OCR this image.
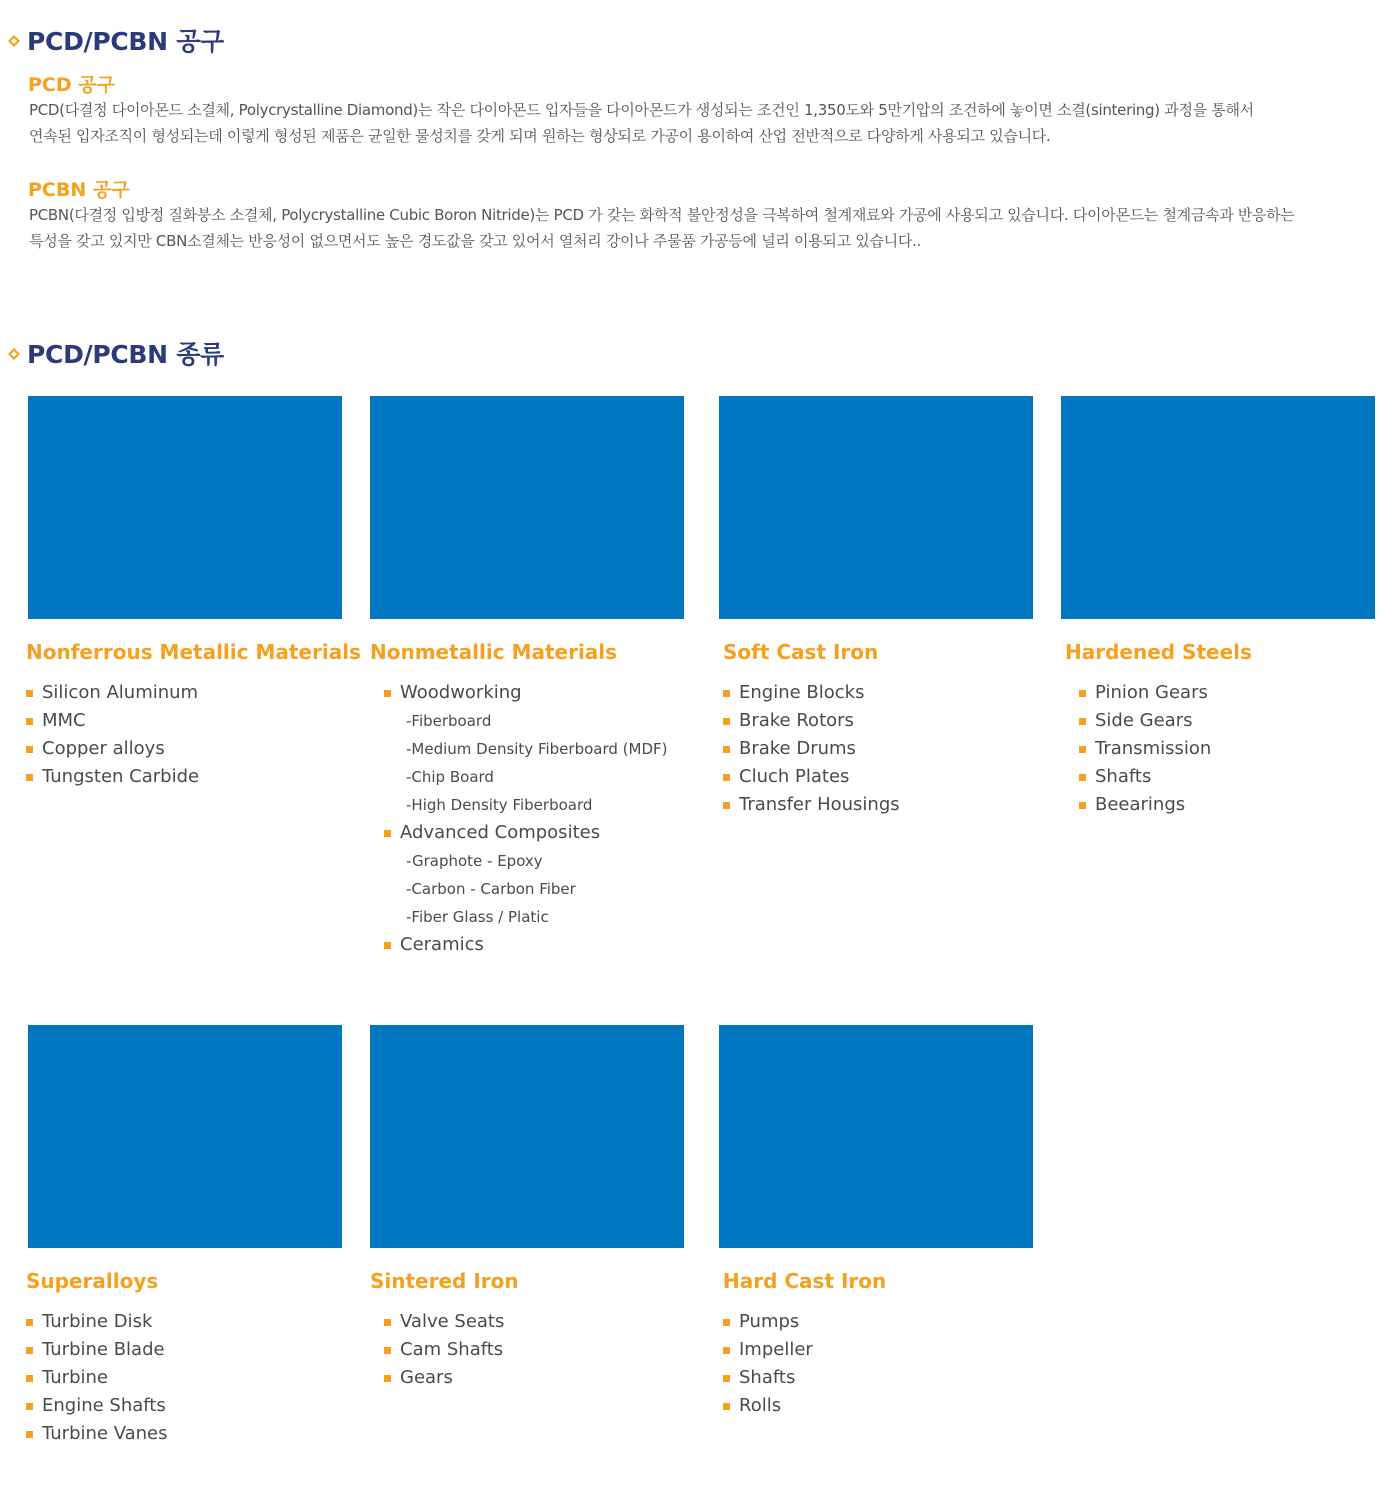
PCD/PCBN 공구
PCD 공구
PCD(다결정 다이아몬드 소결체, Polycrystalline Diamond)는 작은 다이아몬드 입자들을 다이아몬드가 생성되는 조건인 1,350도와 5만기압의 조건하에 놓이면 소결(sintering) 과정을 통해서
연속된 입자조직이 형성되는데 이렇게 형성된 제품은 균일한 물성치를 갖게 되며 원하는 형상되로 가공이 용이하여 산업 전반적으로 다양하게 사용되고 있습니다.
PCBN 공구
PCBN(다결정 입방정 질화붕소 소결체, Polycrystalline Cubic Boron Nitride)는 PCD 가 갖는 화학적 불안정성을 극복하여 철계재료와 가공에 사용되고 있습니다. 다이아몬드는 철계금속과 반응하는
특성을 갖고 있지만 CBN소결체는 반응성이 없으면서도 높은 경도값을 갖고 있어서 열처리 강이나 주물품 가공등에 널리 이용되고 있습니다..
PCD/PCBN 종류
Nonferrous Metallic Materials
Silicon Aluminum
MMC
Copper alloys
Tungsten Carbide
Nonmetallic Materials
Woodworking
-Fiberboard
-Medium Density Fiberboard (MDF)
-Chip Board
-High Density Fiberboard
Advanced Composites
-Graphote - Epoxy
-Carbon - Carbon Fiber
-Fiber Glass / Platic
Ceramics
Soft Cast Iron
Engine Blocks
Brake Rotors
Brake Drums
Cluch Plates
Transfer Housings
Hardened Steels
Pinion Gears
Side Gears
Transmission
Shafts
Beearings
Superalloys
Turbine Disk
Turbine Blade
Turbine
Engine Shafts
Turbine Vanes
Sintered Iron
Valve Seats
Cam Shafts
Gears
Hard Cast Iron
Pumps
Impeller
Shafts
Rolls
